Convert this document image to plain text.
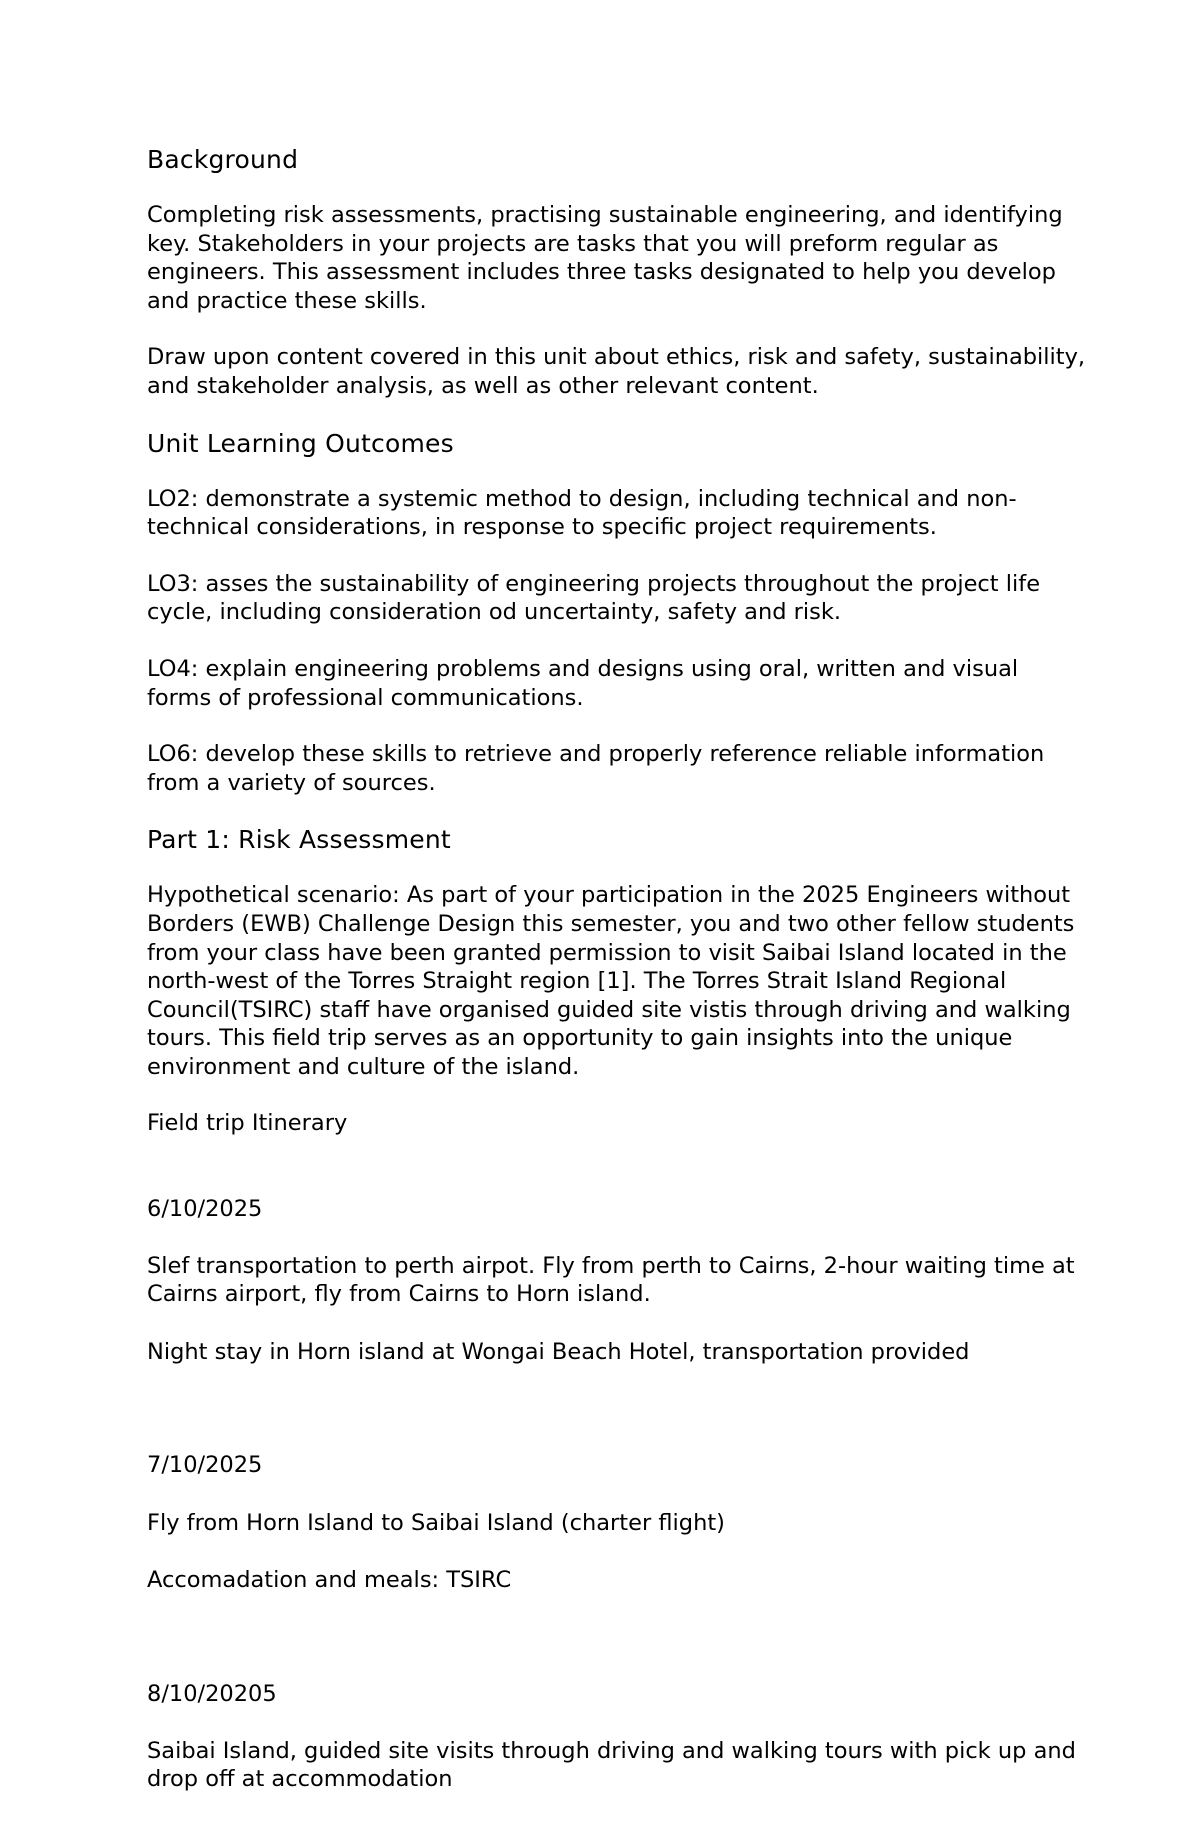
Background

Completing risk assessments, practising sustainable engineering, and identifying key. Stakeholders in your projects are tasks that you will preform regular as engineers. This assessment includes three tasks designated to help you develop and practice these skills.

Draw upon content covered in this unit about ethics, risk and safety, sustainability, and stakeholder analysis, as well as other relevant content.

Unit Learning Outcomes

LO2: demonstrate a systemic method to design, including technical and non-technical considerations, in response to specific project requirements.

LO3: asses the sustainability of engineering projects throughout the project life cycle, including consideration od uncertainty, safety and risk.

LO4: explain engineering problems and designs using oral, written and visual forms of professional communications.

LO6: develop these skills to retrieve and properly reference reliable information from a variety of sources.

Part 1: Risk Assessment

Hypothetical scenario: As part of your participation in the 2025 Engineers without Borders (EWB) Challenge Design this semester, you and two other fellow students from your class have been granted permission to visit Saibai Island located in the north-west of the Torres Straight region [1]. The Torres Strait Island Regional Council(TSIRC) staff have organised guided site vistis through driving and walking tours. This field trip serves as an opportunity to gain insights into the unique environment and culture of the island.

Field trip Itinerary

6/10/2025

Slef transportation to perth airpot. Fly from perth to Cairns, 2-hour waiting time at Cairns airport, fly from Cairns to Horn island.

Night stay in Horn island at Wongai Beach Hotel, transportation provided

7/10/2025

Fly from Horn Island to Saibai Island (charter flight)

Accomadation and meals: TSIRC

8/10/20205

Saibai Island, guided site visits through driving and walking tours with pick up and drop off at accommodation
